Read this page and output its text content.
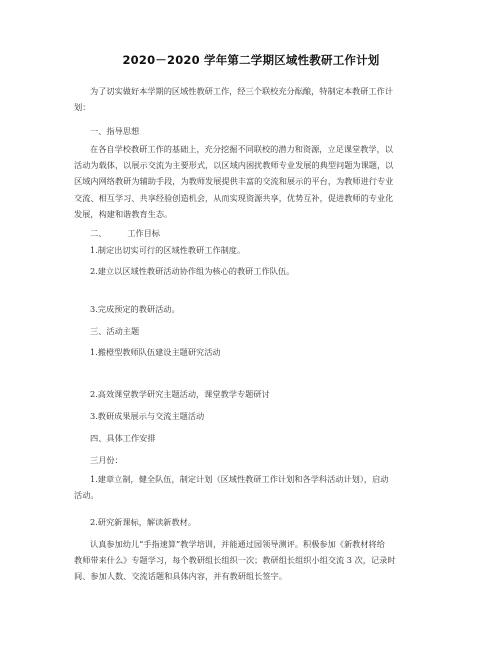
2020－2020 学年第二学期区域性教研工作计划
为了切实做好本学期的区域性教研工作，经三个联校充分酝酿，特制定本教研工作计
划：
一、指导思想
在各自学校教研工作的基础上，充分挖掘不同联校的潜力和资源，立足课堂教学，以
活动为载体，以展示交流为主要形式，以区域内困扰教师专业发展的典型问题为课题，以
区域内网络教研为辅助手段，为教师发展提供丰富的交流和展示的平台，为教师进行专业
交流、相互学习、共享经验创造机会，从而实现资源共享，优势互补，促进教师的专业化
发展，构建和谐教育生态。
二、        工作目标
1.制定出切实可行的区域性教研工作制度。
2.建立以区域性教研活动协作组为核心的教研工作队伍。
3.完成预定的教研活动。
三、活动主题
1.搬橙型教师队伍建设主题研究活动
2.高效课堂教学研究主题活动，课堂教学专题研讨
3.教研成果展示与交流主题活动
四、具体工作安排
三月份：
1.建章立制，健全队伍，制定计划（区域性教研工作计划和各学科活动计划），启动
活动。
2.研究新课标，解读新教材。
认真参加幼儿“手指速算”教学培训，并能通过园领导测评。积极参加《新教材将给
教师带来什么》专题学习，每个教研组长组织一次；教研组长组织小组交流 3 次，记录时
间、参加人数、交流话题和具体内容，并有教研组长签字。
